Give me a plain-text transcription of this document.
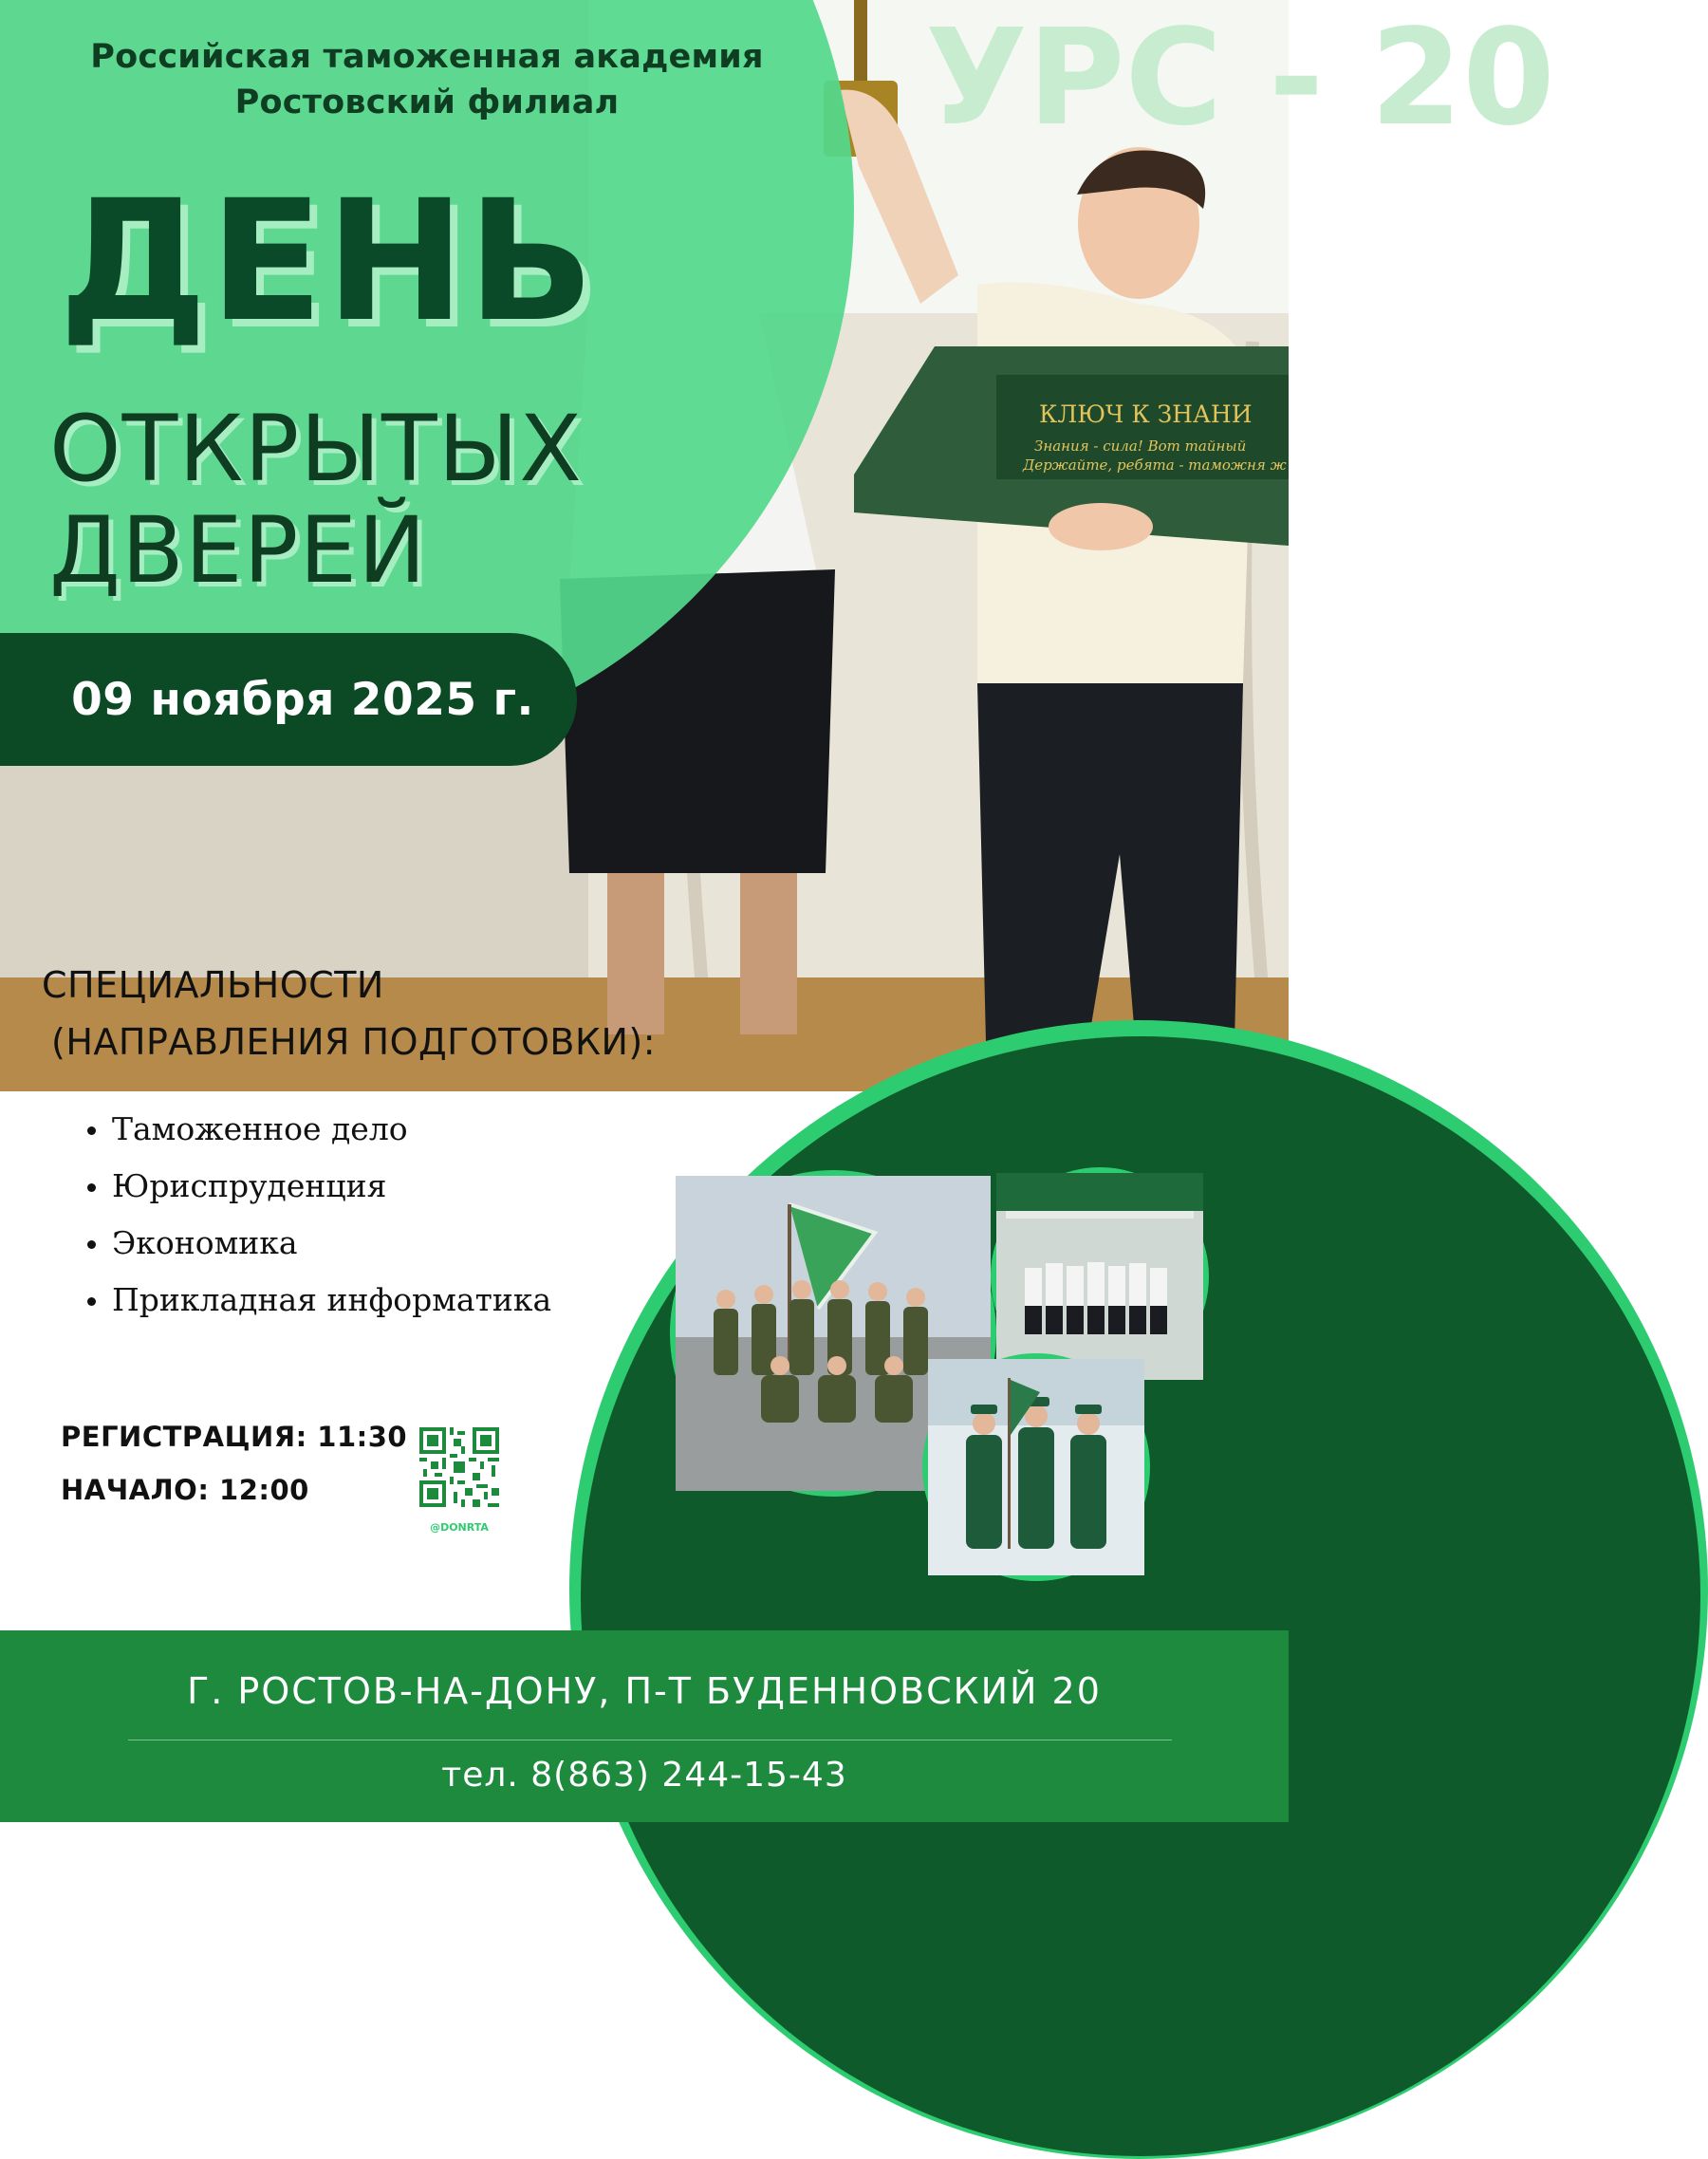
КЛЮЧ К ЗНАНИ
Знания - сила! Вот тайный
Держайте, ребята - таможня ж
УРС - 20
Российская таможенная академия
Ростовский филиал
ДЕНЬ
ОТКРЫТЫХ
ДВЕРЕЙ
09 ноября 2025 г.
СПЕЦИАЛЬНОСТИ
(НАПРАВЛЕНИЯ ПОДГОТОВКИ):
Таможенное дело
Юриспруденция
Экономика
Прикладная информатика
РЕГИСТРАЦИЯ: 11:30
НАЧАЛО: 12:00
@DONRTA
Г. РОСТОВ-НА-ДОНУ, П-Т БУДЕННОВСКИЙ 20
тел. 8(863) 244-15-43
